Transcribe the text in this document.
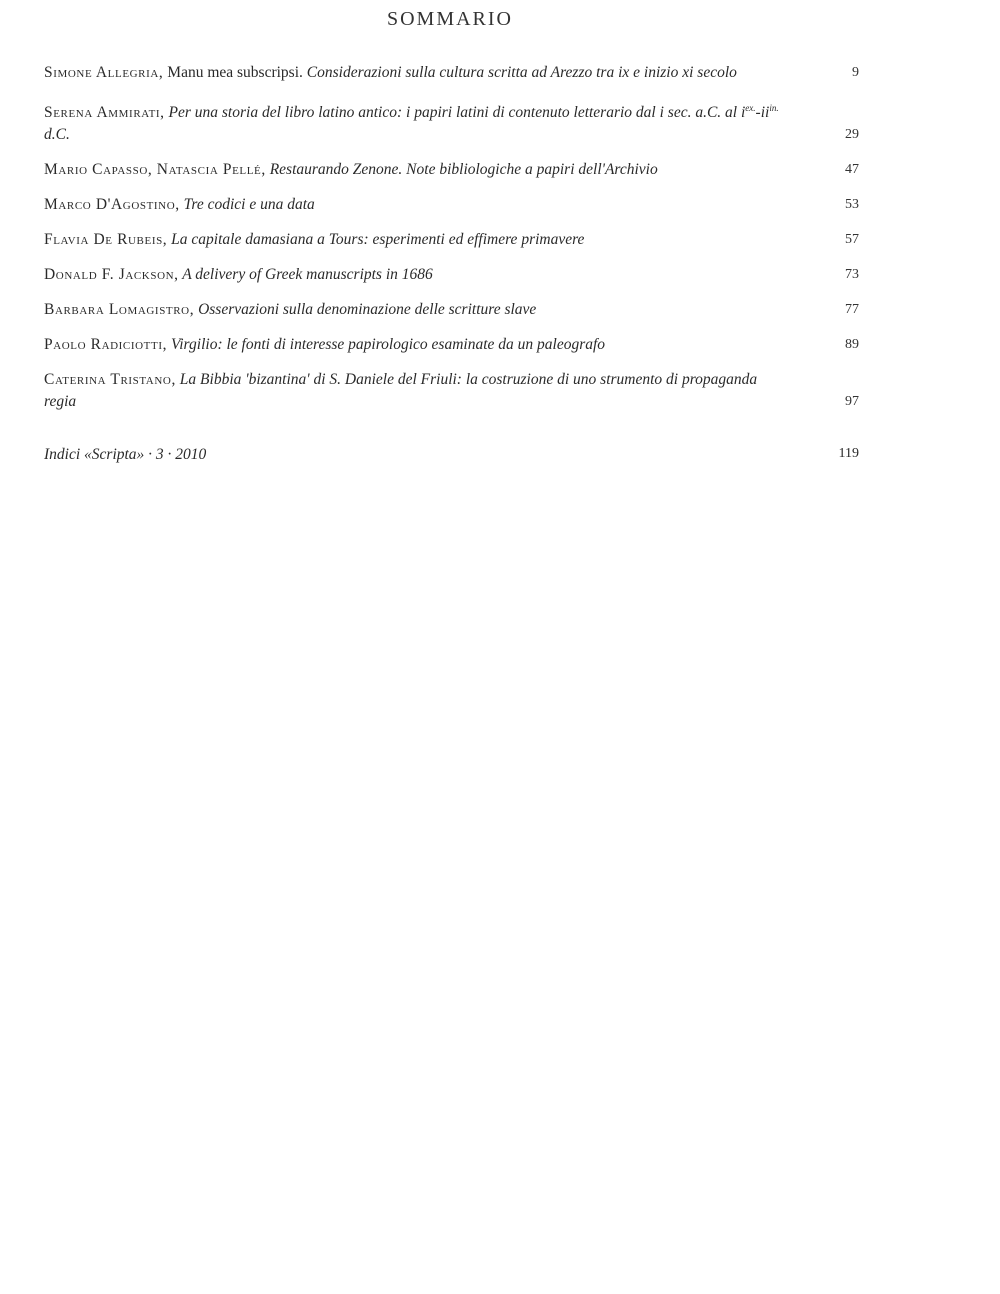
SOMMARIO
Simone Allegria, Manu mea subscripsi. Considerazioni sulla cultura scritta ad Arezzo tra ix e inizio xi secolo	9
Serena Ammirati, Per una storia del libro latino antico: i papiri latini di contenuto letterario dal i sec. a.C. al $i^{ex.}-ii^{in.}$ d.C.	29
Mario Capasso, Natascia Pellé, Restaurando Zenone. Note bibliologiche a papiri dell'Archivio	47
Marco D'Agostino, Tre codici e una data	53
Flavia De Rubeis, La capitale damasiana a Tours: esperimenti ed effimere primavere	57
Donald F. Jackson, A delivery of Greek manuscripts in 1686	73
Barbara Lomagistro, Osservazioni sulla denominazione delle scritture slave	77
Paolo Radiciotti, Virgilio: le fonti di interesse papirologico esaminate da un paleografo	89
Caterina Tristano, La Bibbia 'bizantina' di S. Daniele del Friuli: la costruzione di uno strumento di propaganda regia	97
Indici «Scripta» · 3 · 2010	119
